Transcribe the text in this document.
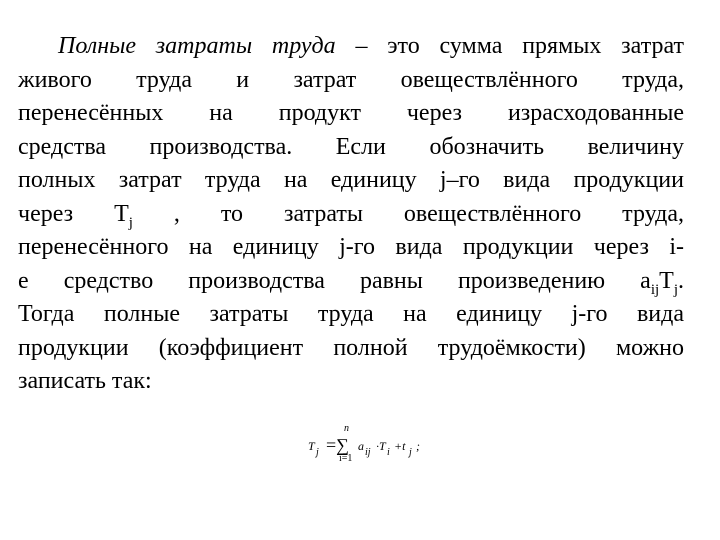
Полные затраты труда – это сумма прямых затрат
живого труда и затрат овеществлённого труда,
перенесённых на продукт через израсходованные
средства производства. Если обозначить величину
полных затрат труда на единицу j–го вида продукции
через $T_j$ , то затраты овеществлённого труда,
перенесённого на единицу j-го вида продукции через i-
е средство производства равны произведению $a_{ij}T_j$.
Тогда полные затраты труда на единицу j-го вида
продукции (коэффициент полной трудоёмкости) можно
записать так:
T j =∑
n
i=1
a ij ·T i +t j ;
